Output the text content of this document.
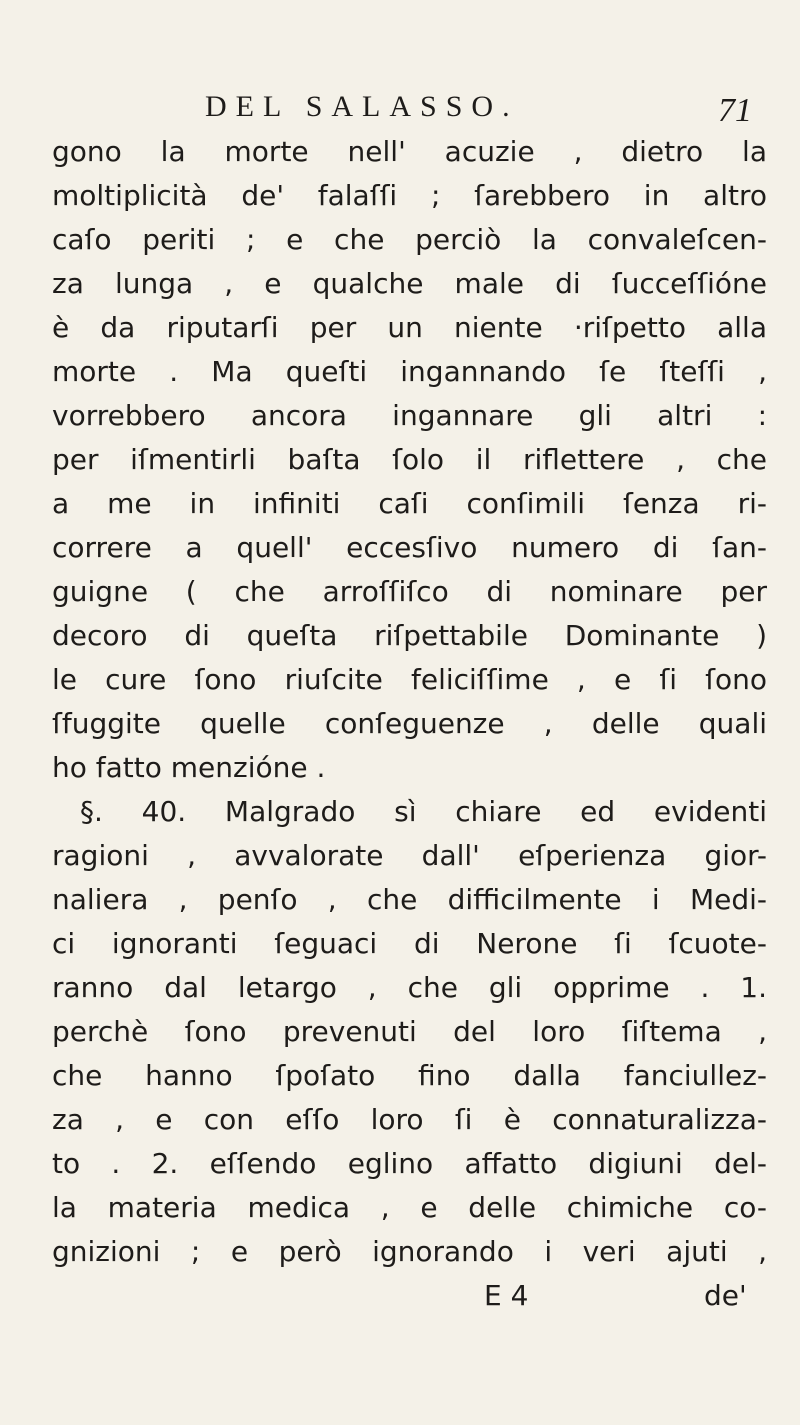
DEL SALASSO.	71
gono la morte nell' acuzie , dietro la
moltiplicità de' falaſſi ; ſarebbero in altro
caſo periti ; e che perciò la convaleſcen-
za lunga , e qualche male di ſucceſſióne
è da riputarſi per un niente ·riſpetto alla
morte . Ma queſti ingannando ſe ſteſſi ,
vorrebbero ancora ingannare gli altri :
per iſmentirli baſta ſolo il riflettere , che
a me in infiniti caſi conſimili ſenza ri-
correre a quell' eccesſivo numero di ſan-
guigne ( che arroſſiſco di nominare per
decoro di queſta riſpettabile Dominante )
le cure ſono riuſcite feliciſſime , e ſi ſono
ſfuggite quelle conſeguenze , delle quali
ho fatto menzióne .
§. 40. Malgrado sì chiare ed evidenti
ragioni , avvalorate dall' eſperienza gior-
naliera , penſo , che difficilmente i Medi-
ci ignoranti ſeguaci di Nerone ſi ſcuote-
ranno dal letargo , che gli opprime . 1.
perchè ſono prevenuti del loro ſiſtema ,
che hanno ſpoſato fino dalla fanciullez-
za , e con eſſo loro ſi è connaturalizza-
to . 2. eſſendo eglino affatto digiuni del-
la materia medica , e delle chimiche co-
gnizioni ; e però ignorando i veri ajuti ,
E 4	de'
